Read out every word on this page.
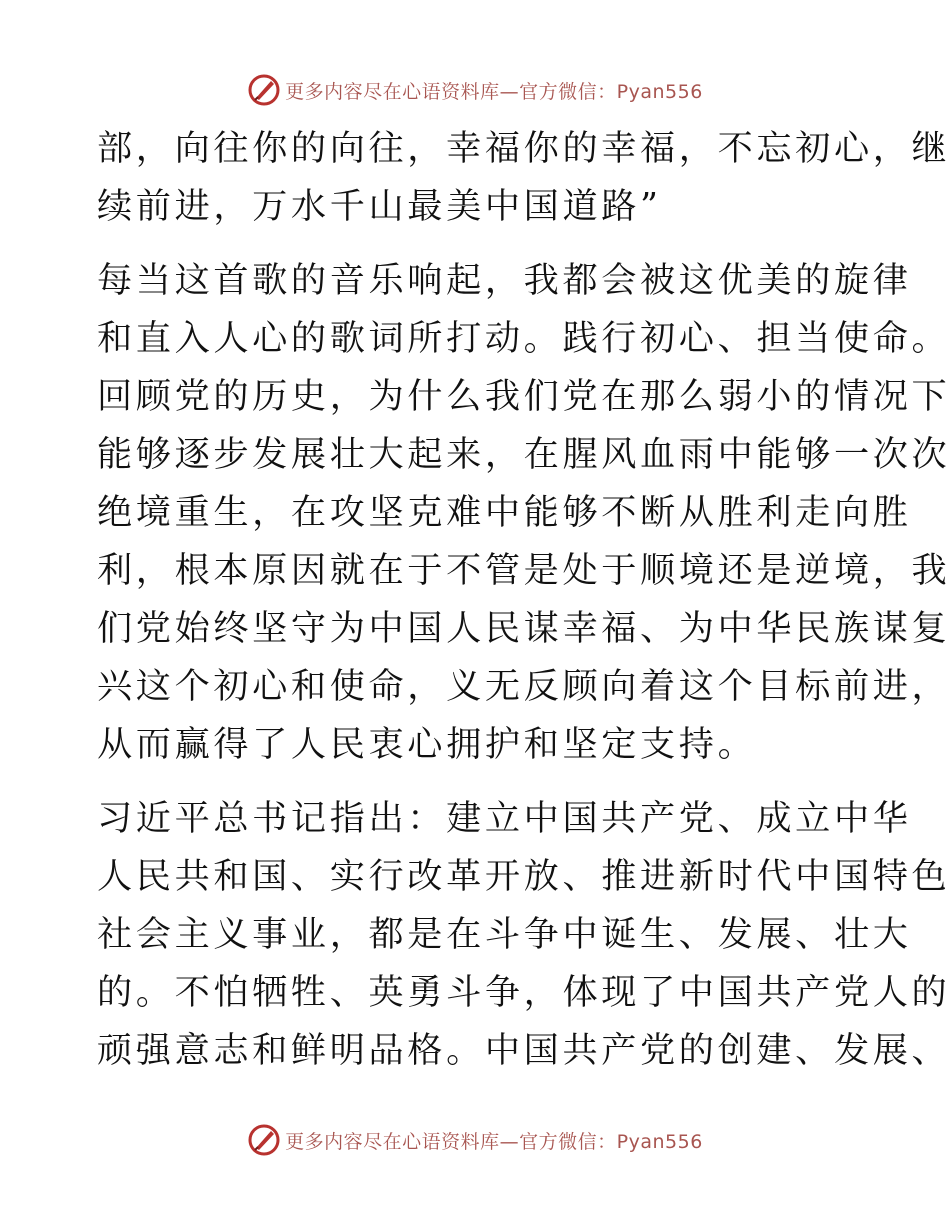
更多内容尽在心语资料库—官方微信：Pyan556

部，向往你的向往，幸福你的幸福，不忘初心，继
续前进，万水千山最美中国道路”

每当这首歌的音乐响起，我都会被这优美的旋律
和直入人心的歌词所打动。践行初心、担当使命。
回顾党的历史，为什么我们党在那么弱小的情况下
能够逐步发展壮大起来，在腥风血雨中能够一次次
绝境重生，在攻坚克难中能够不断从胜利走向胜
利，根本原因就在于不管是处于顺境还是逆境，我
们党始终坚守为中国人民谋幸福、为中华民族谋复
兴这个初心和使命，义无反顾向着这个目标前进，
从而赢得了人民衷心拥护和坚定支持。

习近平总书记指出：建立中国共产党、成立中华
人民共和国、实行改革开放、推进新时代中国特色
社会主义事业，都是在斗争中诞生、发展、壮大
的。不怕牺牲、英勇斗争，体现了中国共产党人的
顽强意志和鲜明品格。中国共产党的创建、发展、

更多内容尽在心语资料库—官方微信：Pyan556
